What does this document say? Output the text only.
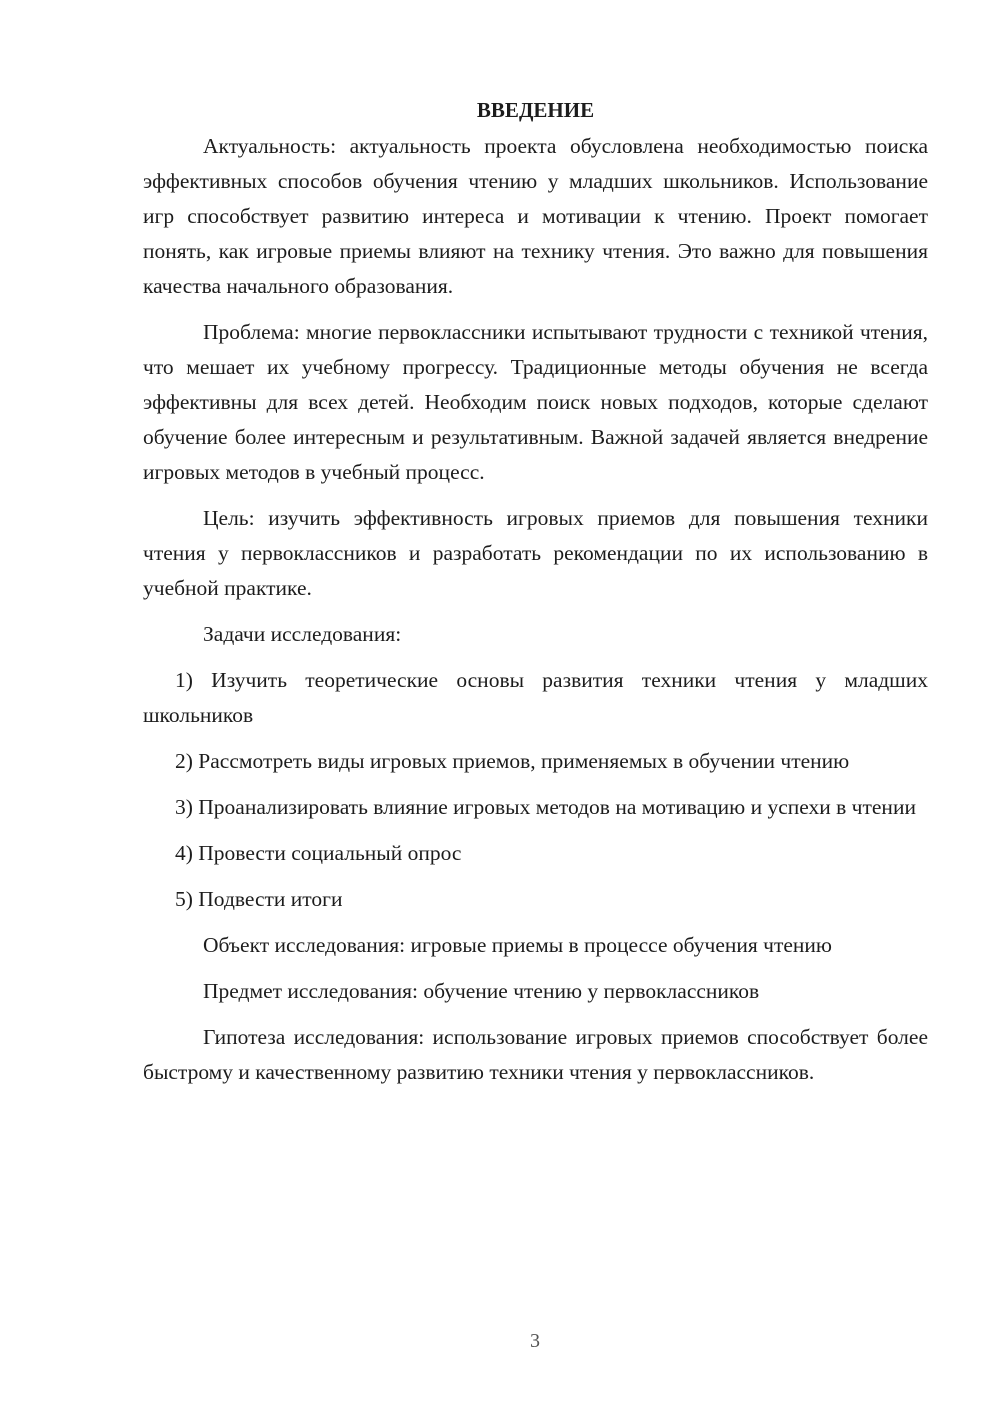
ВВЕДЕНИЕ

Актуальность: актуальность проекта обусловлена необходимостью поиска эффективных способов обучения чтению у младших школьников. Использование игр способствует развитию интереса и мотивации к чтению. Проект помогает понять, как игровые приемы влияют на технику чтения. Это важно для повышения качества начального образования.

Проблема: многие первоклассники испытывают трудности с техникой чтения, что мешает их учебному прогрессу. Традиционные методы обучения не всегда эффективны для всех детей. Необходим поиск новых подходов, которые сделают обучение более интересным и результативным. Важной задачей является внедрение игровых методов в учебный процесс.

Цель: изучить эффективность игровых приемов для повышения техники чтения у первоклассников и разработать рекомендации по их использованию в учебной практике.

Задачи исследования:

1) Изучить теоретические основы развития техники чтения у младших школьников

2) Рассмотреть виды игровых приемов, применяемых в обучении чтению

3) Проанализировать влияние игровых методов на мотивацию и успехи в чтении

4) Провести социальный опрос

5) Подвести итоги

Объект исследования: игровые приемы в процессе обучения чтению

Предмет исследования: обучение чтению у первоклассников

Гипотеза исследования: использование игровых приемов способствует более быстрому и качественному развитию техники чтения у первоклассников.

3
